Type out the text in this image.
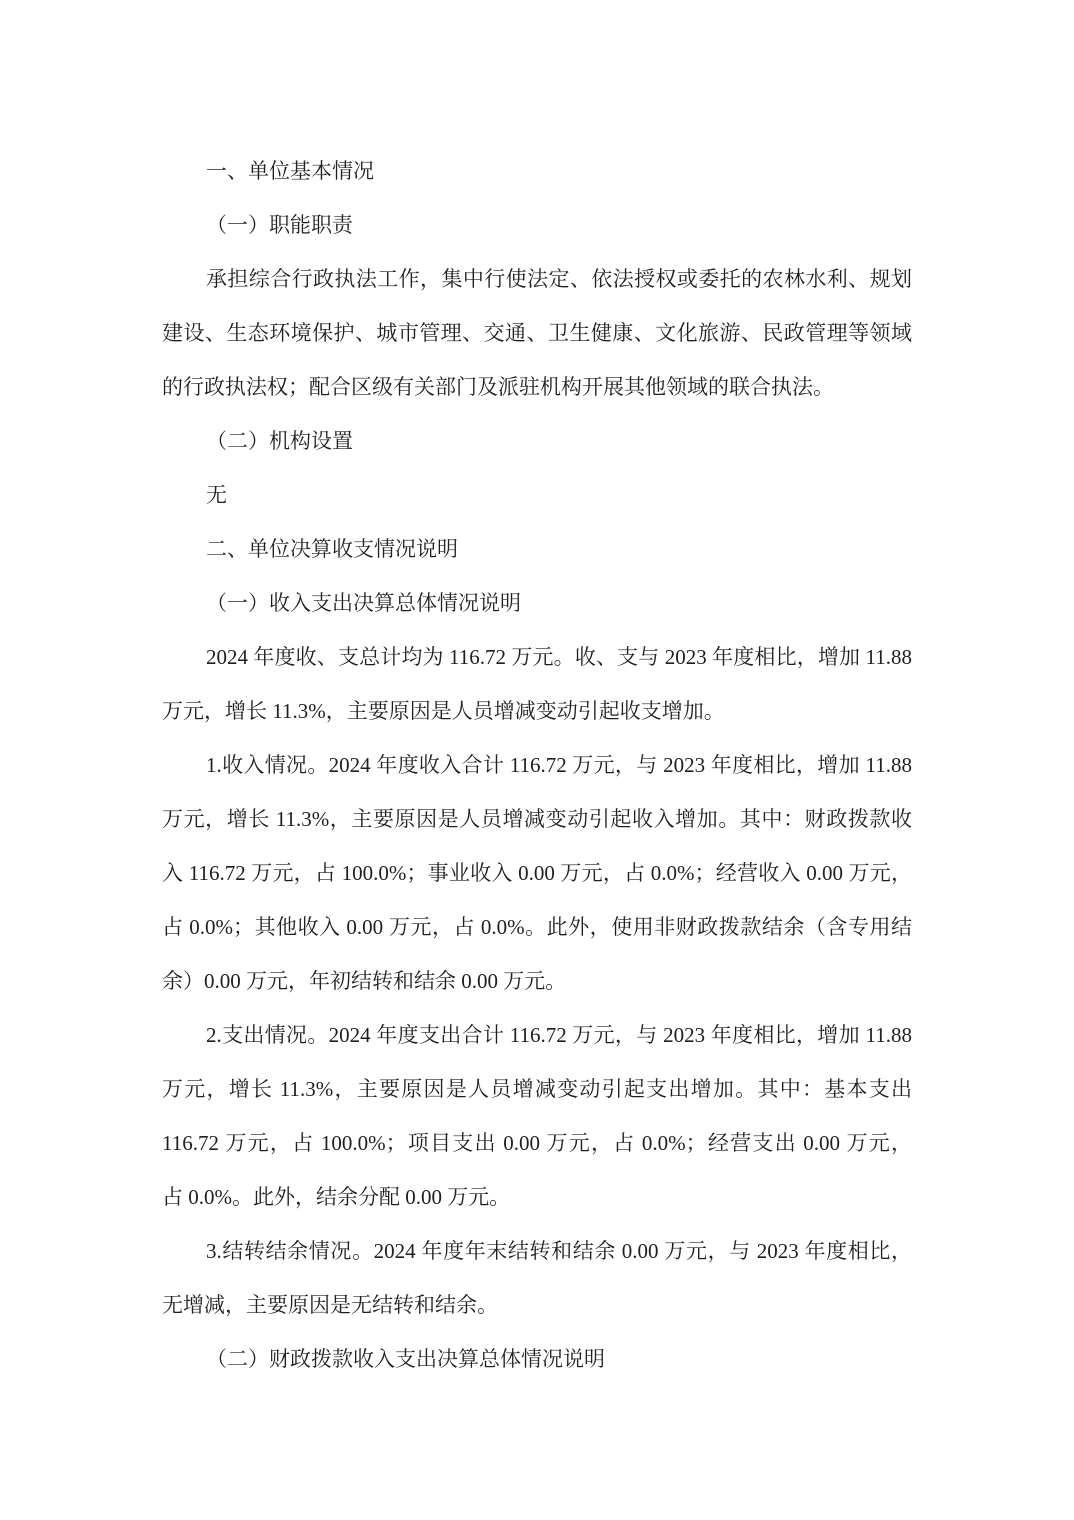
一、单位基本情况
（一）职能职责
承担综合行政执法工作，集中行使法定、依法授权或委托的农林水利、规划
建设、生态环境保护、城市管理、交通、卫生健康、文化旅游、民政管理等领域
的行政执法权；配合区级有关部门及派驻机构开展其他领域的联合执法。
（二）机构设置
无
二、单位决算收支情况说明
（一）收入支出决算总体情况说明
2024 年度收、支总计均为 116.72 万元。收、支与 2023 年度相比，增加 11.88
万元，增长 11.3%，主要原因是人员增减变动引起收支增加。
1.收入情况。2024 年度收入合计 116.72 万元，与 2023 年度相比，增加 11.88
万元，增长 11.3%，主要原因是人员增减变动引起收入增加。其中：财政拨款收
入 116.72 万元，占 100.0%；事业收入 0.00 万元，占 0.0%；经营收入 0.00 万元，
占 0.0%；其他收入 0.00 万元，占 0.0%。此外，使用非财政拨款结余（含专用结
余）0.00 万元，年初结转和结余 0.00 万元。
2.支出情况。2024 年度支出合计 116.72 万元，与 2023 年度相比，增加 11.88
万元，增长 11.3%，主要原因是人员增减变动引起支出增加。其中：基本支出
116.72 万元，占 100.0%；项目支出 0.00 万元，占 0.0%；经营支出 0.00 万元，
占 0.0%。此外，结余分配 0.00 万元。
3.结转结余情况。2024 年度年末结转和结余 0.00 万元，与 2023 年度相比，
无增减，主要原因是无结转和结余。
（二）财政拨款收入支出决算总体情况说明
